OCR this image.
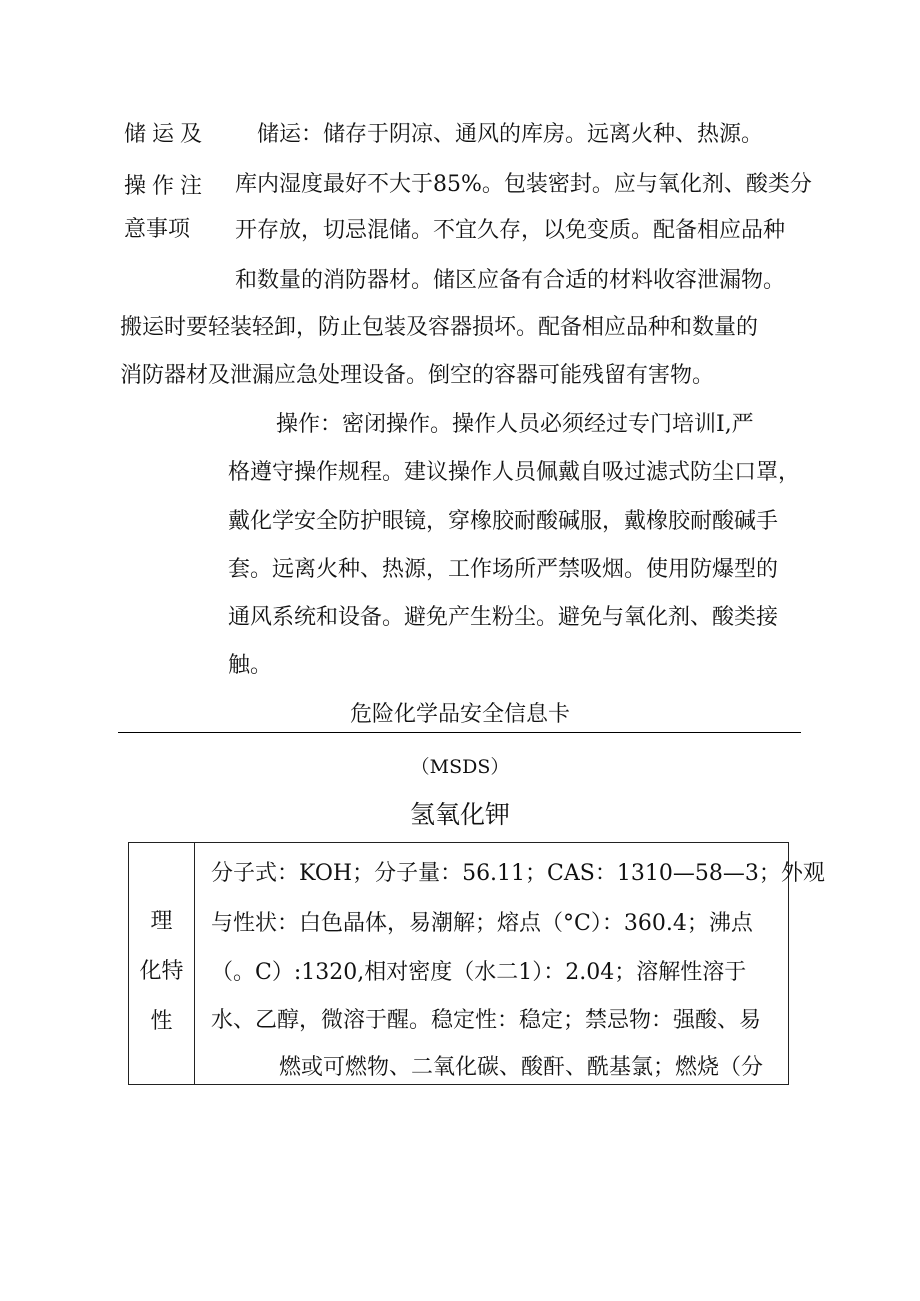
储运及
操作注
意事项

储运：储存于阴凉、通风的库房。远离火种、热源。

库内湿度最好不大于85%。包装密封。应与氧化剂、酸类分

开存放，切忌混储。不宜久存，以免变质。配备相应品种

和数量的消防器材。储区应备有合适的材料收容泄漏物。

搬运时要轻装轻卸，防止包装及容器损坏。配备相应品种和数量的

消防器材及泄漏应急处理设备。倒空的容器可能残留有害物。

操作：密闭操作。操作人员必须经过专门培训I,严

格遵守操作规程。建议操作人员佩戴自吸过滤式防尘口罩，

戴化学安全防护眼镜，穿橡胶耐酸碱服，戴橡胶耐酸碱手

套。远离火种、热源，工作场所严禁吸烟。使用防爆型的

通风系统和设备。避免产生粉尘。避免与氧化剂、酸类接

触。

危险化学品安全信息卡
（MSDS）
氢氧化钾
理
化特
性
分子式：KOH；分子量：56.11；CAS：1310—58—3；外观
与性状：白色晶体，易潮解；熔点（°C）：360.4；沸点
（。C）:1320,相对密度（水二1）：2.04；溶解性溶于
水、乙醇，微溶于醒。稳定性：稳定；禁忌物：强酸、易
燃或可燃物、二氧化碳、酸酐、酰基氯；燃烧（分
